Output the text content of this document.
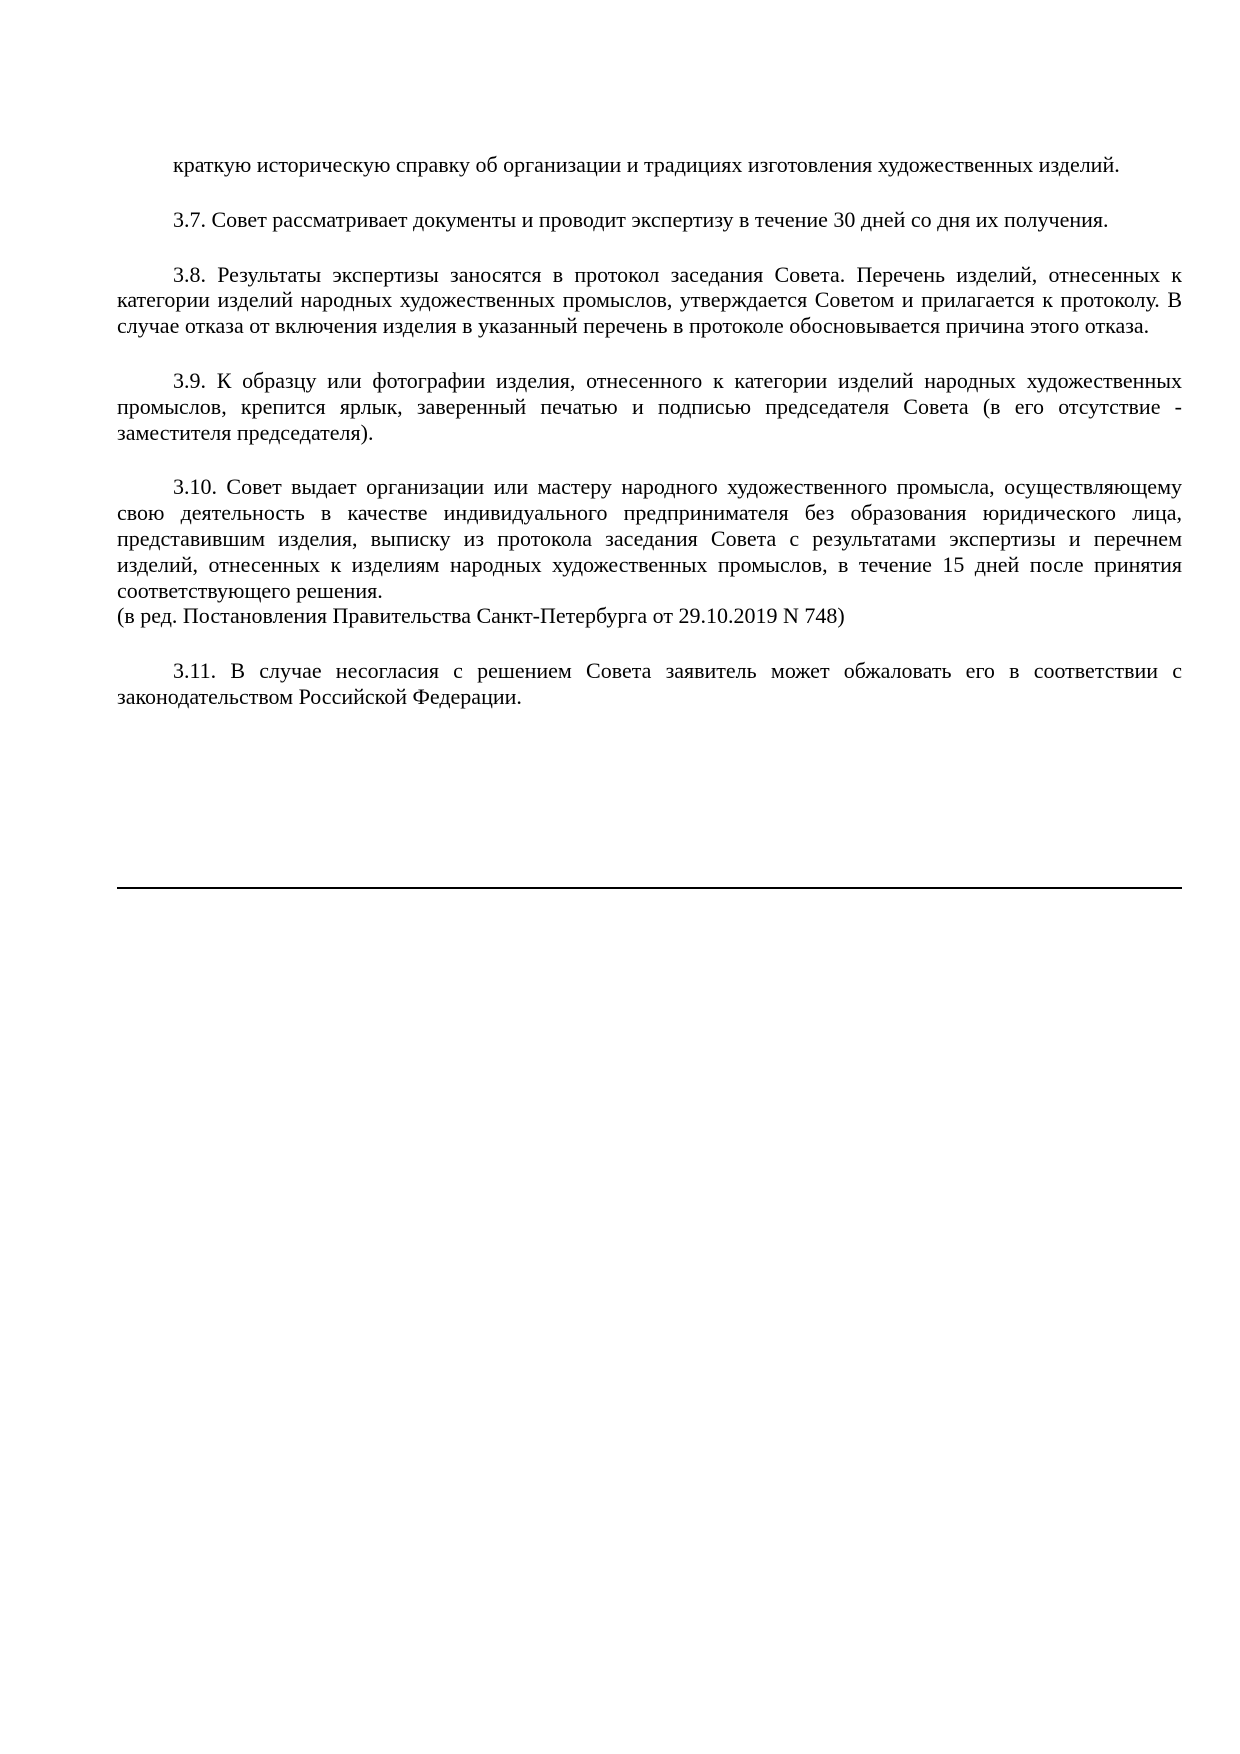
краткую историческую справку об организации и традициях изготовления художественных изделий.

3.7. Совет рассматривает документы и проводит экспертизу в течение 30 дней со дня их получения.

3.8. Результаты экспертизы заносятся в протокол заседания Совета. Перечень изделий, отнесенных к категории изделий народных художественных промыслов, утверждается Советом и прилагается к протоколу. В случае отказа от включения изделия в указанный перечень в протоколе обосновывается причина этого отказа.

3.9. К образцу или фотографии изделия, отнесенного к категории изделий народных художественных промыслов, крепится ярлык, заверенный печатью и подписью председателя Совета (в его отсутствие - заместителя председателя).

3.10. Совет выдает организации или мастеру народного художественного промысла, осуществляющему свою деятельность в качестве индивидуального предпринимателя без образования юридического лица, представившим изделия, выписку из протокола заседания Совета с результатами экспертизы и перечнем изделий, отнесенных к изделиям народных художественных промыслов, в течение 15 дней после принятия соответствующего решения.

(в ред. Постановления Правительства Санкт-Петербурга от 29.10.2019 N 748)

3.11. В случае несогласия с решением Совета заявитель может обжаловать его в соответствии с законодательством Российской Федерации.
